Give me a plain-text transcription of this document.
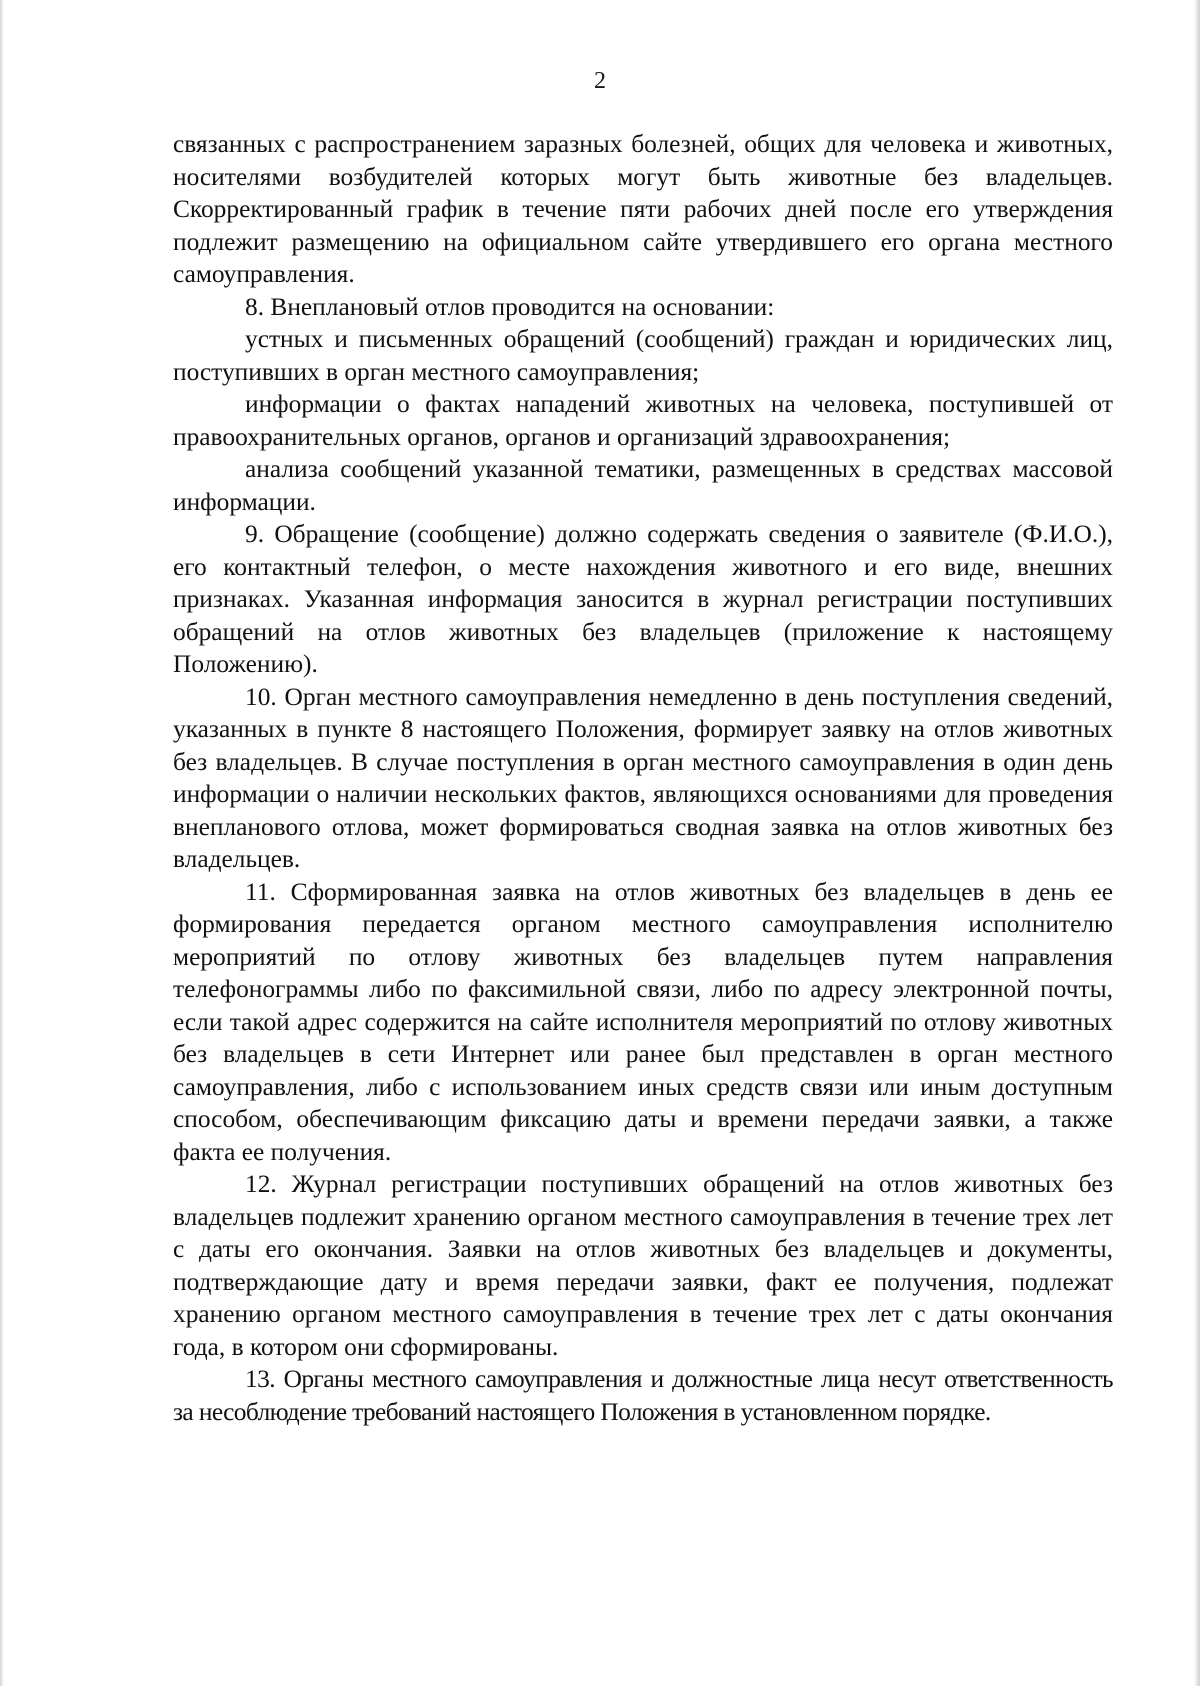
2

связанных с распространением заразных болезней, общих для человека и животных, носителями возбудителей которых могут быть животные без владельцев. Скорректированный график в течение пяти рабочих дней после его утверждения подлежит размещению на официальном сайте утвердившего его органа местного самоуправления.

8. Внеплановый отлов проводится на основании:

устных и письменных обращений (сообщений) граждан и юридических лиц, поступивших в орган местного самоуправления;

информации о фактах нападений животных на человека, поступившей от правоохранительных органов, органов и организаций здравоохранения;

анализа сообщений указанной тематики, размещенных в средствах массовой информации.

9. Обращение (сообщение) должно содержать сведения о заявителе (Ф.И.О.), его контактный телефон, о месте нахождения животного и его виде, внешних признаках. Указанная информация заносится в журнал регистрации поступивших обращений на отлов животных без владельцев (приложение к настоящему Положению).

10. Орган местного самоуправления немедленно в день поступления сведений, указанных в пункте 8 настоящего Положения, формирует заявку на отлов животных без владельцев. В случае поступления в орган местного самоуправления в один день информации о наличии нескольких фактов, являющихся основаниями для проведения внепланового отлова, может формироваться сводная заявка на отлов животных без владельцев.

11. Сформированная заявка на отлов животных без владельцев в день ее формирования передается органом местного самоуправления исполнителю мероприятий по отлову животных без владельцев путем направления телефонограммы либо по факсимильной связи, либо по адресу электронной почты, если такой адрес содержится на сайте исполнителя мероприятий по отлову животных без владельцев в сети Интернет или ранее был представлен в орган местного самоуправления, либо с использованием иных средств связи или иным доступным способом, обеспечивающим фиксацию даты и времени передачи заявки, а также факта ее получения.

12. Журнал регистрации поступивших обращений на отлов животных без владельцев подлежит хранению органом местного самоуправления в течение трех лет с даты его окончания. Заявки на отлов животных без владельцев и документы, подтверждающие дату и время передачи заявки, факт ее получения, подлежат хранению органом местного самоуправления в течение трех лет с даты окончания года, в котором они сформированы.

13. Органы местного самоуправления и должностные лица несут ответственность за несоблюдение требований настоящего Положения в установленном порядке.
